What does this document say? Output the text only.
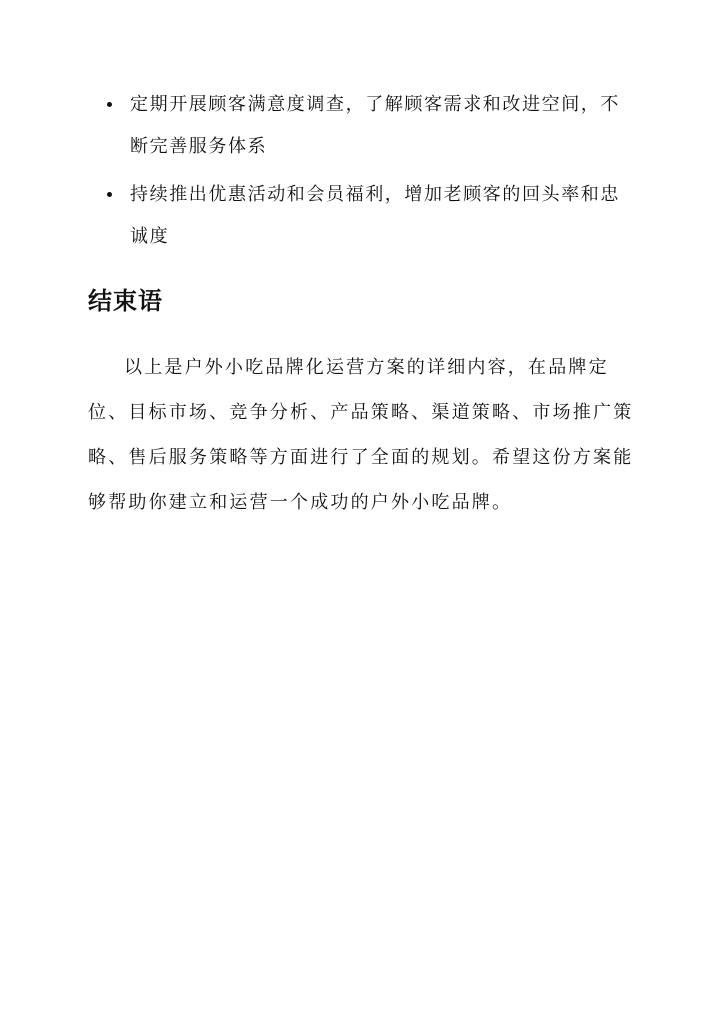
定期开展顾客满意度调查，了解顾客需求和改进空间，不断完善服务体系
持续推出优惠活动和会员福利，增加老顾客的回头率和忠诚度
结束语

以上是户外小吃品牌化运营方案的详细内容，在品牌定位、目标市场、竞争分析、产品策略、渠道策略、市场推广策略、售后服务策略等方面进行了全面的规划。希望这份方案能够帮助你建立和运营一个成功的户外小吃品牌。
